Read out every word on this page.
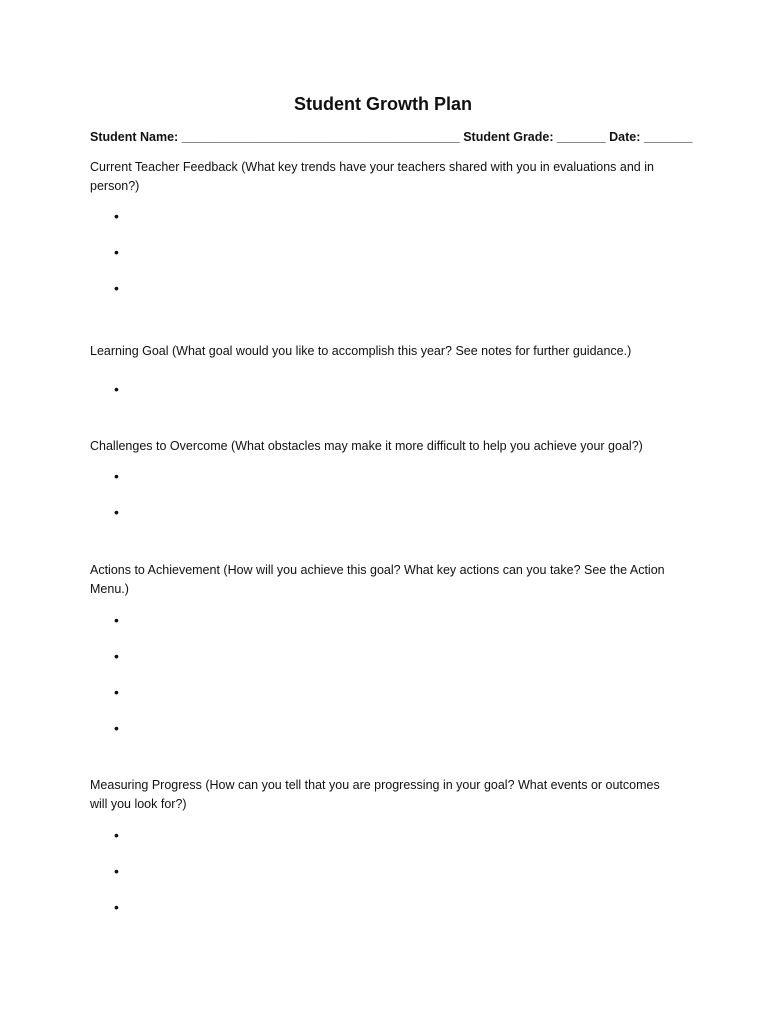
Student Growth Plan
Student Name: ________________________________________ Student Grade: _______ Date: _______

Current Teacher Feedback (What key trends have your teachers shared with you in evaluations and in person?)

•
•
•

Learning Goal (What goal would you like to accomplish this year? See notes for further guidance.)

•

Challenges to Overcome (What obstacles may make it more difficult to help you achieve your goal?)

•
•

Actions to Achievement (How will you achieve this goal? What key actions can you take? See the Action Menu.)

•
•
•
•

Measuring Progress (How can you tell that you are progressing in your goal? What events or outcomes will you look for?)

•
•
•
